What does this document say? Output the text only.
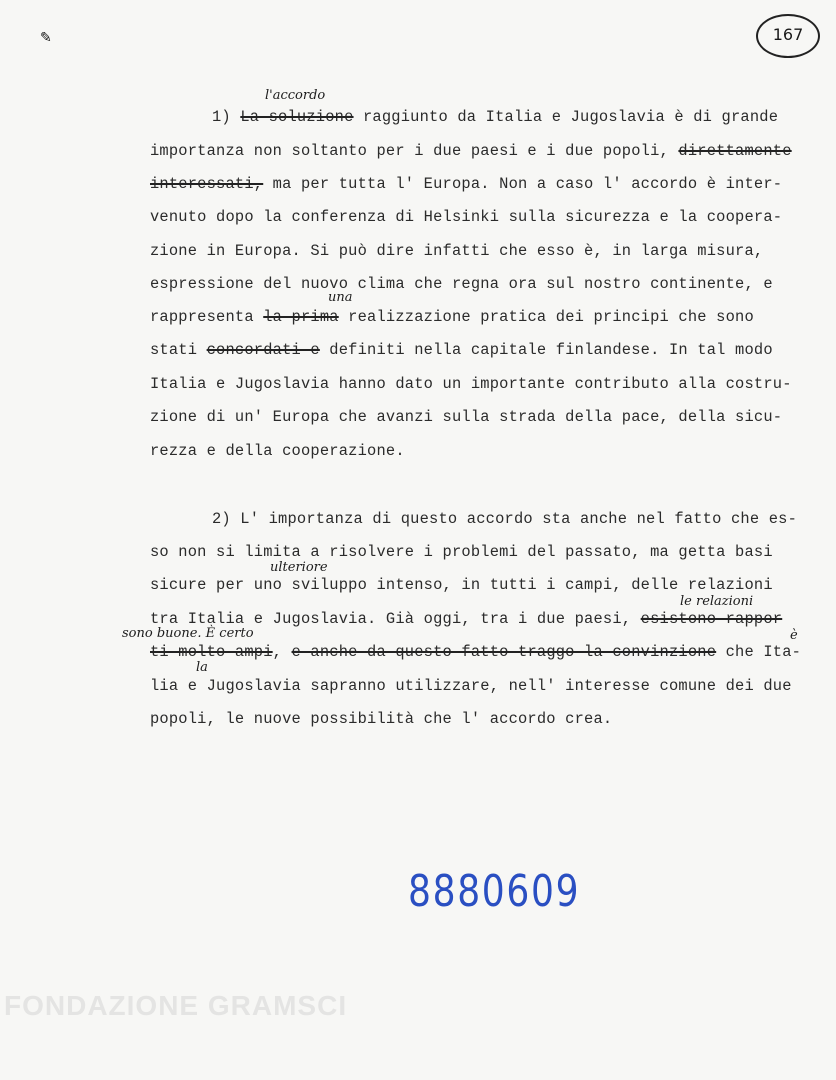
✎	167
1) La soluzione raggiunto da Italia e Jugoslavia è di grande
l'accordo
importanza non soltanto per i due paesi e i due popoli, direttamente
interessati, ma per tutta l' Europa. Non a caso l' accordo è inter-
venuto dopo la conferenza di Helsinki sulla sicurezza e la coopera-
zione in Europa. Si può dire infatti che esso è, in larga misura,
espressione del nuovo clima che regna ora sul nostro continente, e
una
rappresenta la prima realizzazione pratica dei principi che sono
stati concordati e definiti nella capitale finlandese. In tal modo
Italia e Jugoslavia hanno dato un importante contributo alla costru-
zione di un' Europa che avanzi sulla strada della pace, della sicu-
rezza e della cooperazione.
2) L' importanza di questo accordo sta anche nel fatto che es-
so non si limita a risolvere i problemi del passato, ma getta basi
ulteriore
sicure per uno sviluppo intenso, in tutti i campi, delle relazioni
le relazioni
tra Italia e Jugoslavia. Già oggi, tra i due paesi, esistono rappor
sono buone. È certo	è
ti molto ampi, e anche da questo fatto traggo la convinzione che Ita-
la
lia e Jugoslavia sapranno utilizzare, nell' interesse comune dei due
popoli, le nuove possibilità che l' accordo crea.
8880609
FONDAZIONE GRAMSCI
